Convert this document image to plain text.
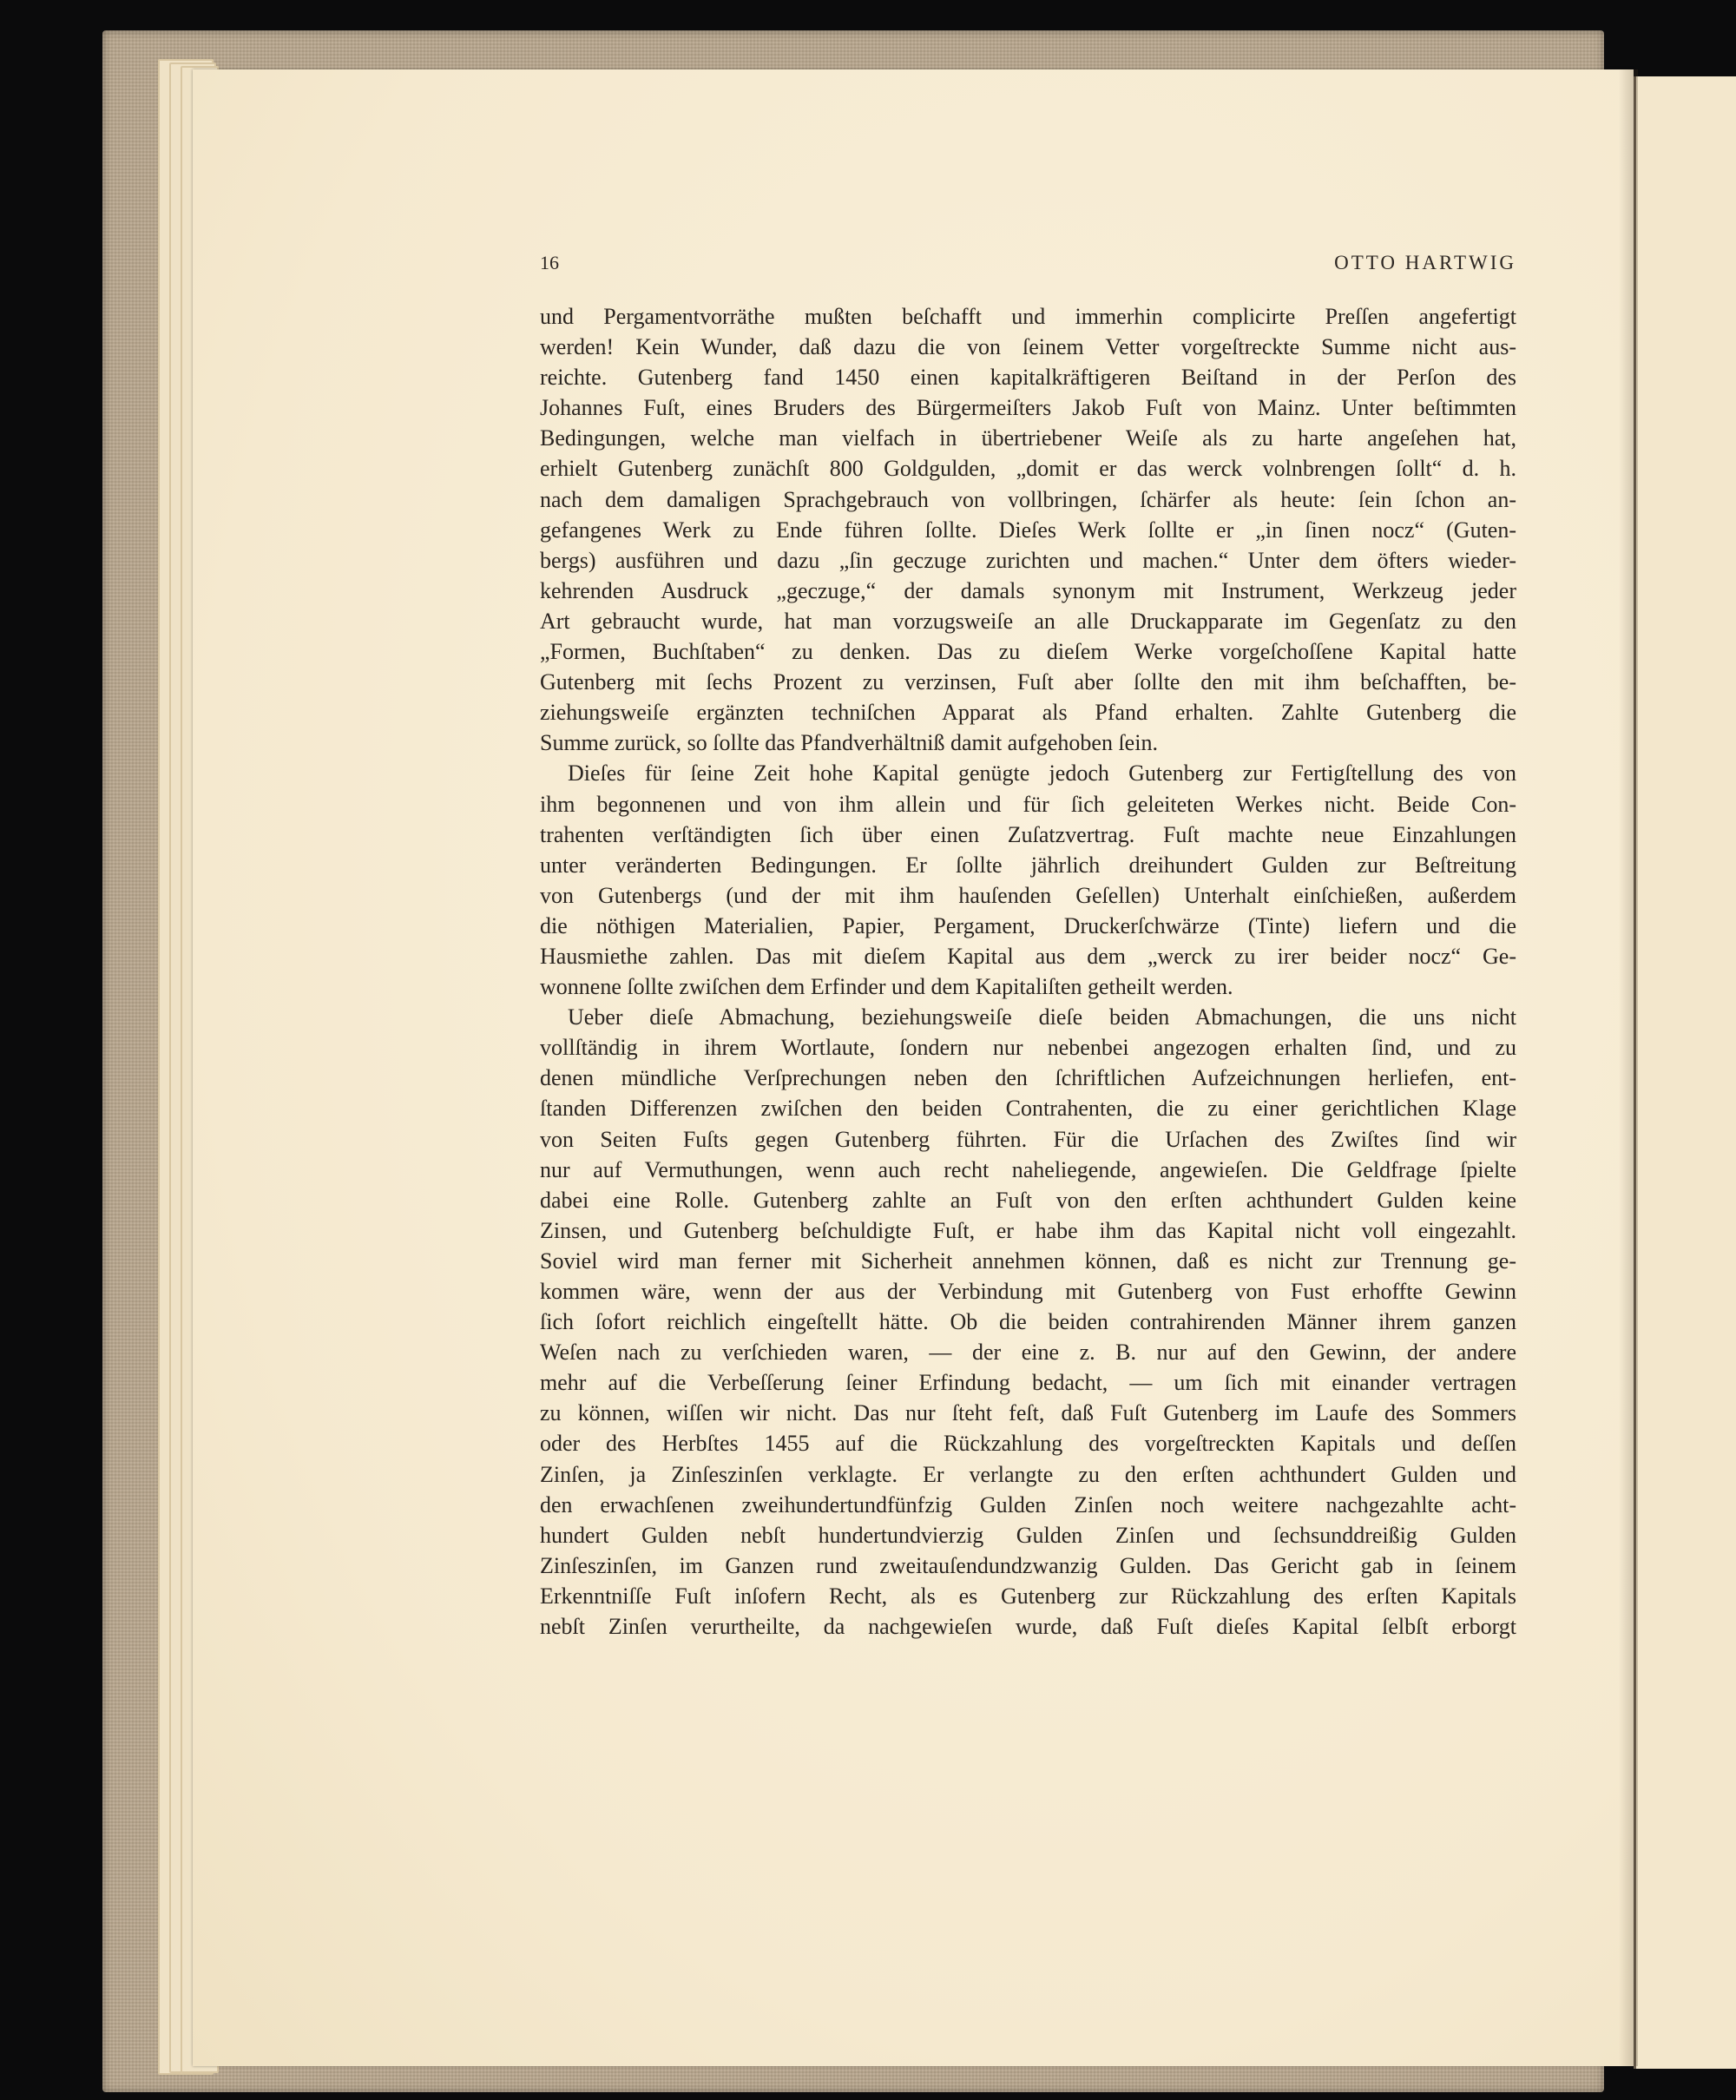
16	OTTO HARTWIG
und Pergamentvorräthe mußten beſchafft und immerhin complicirte Preſſen angefertigt
werden! Kein Wunder, daß dazu die von ſeinem Vetter vorgeſtreckte Summe nicht aus-
reichte. Gutenberg fand 1450 einen kapitalkräftigeren Beiſtand in der Perſon des
Johannes Fuſt, eines Bruders des Bürgermeiſters Jakob Fuſt von Mainz. Unter beſtimmten
Bedingungen, welche man vielfach in übertriebener Weiſe als zu harte angeſehen hat,
erhielt Gutenberg zunächſt 800 Goldgulden, „domit er das werck volnbrengen ſollt“ d. h.
nach dem damaligen Sprachgebrauch von vollbringen, ſchärfer als heute: ſein ſchon an-
gefangenes Werk zu Ende führen ſollte. Dieſes Werk ſollte er „in ſinen nocz“ (Guten-
bergs) ausführen und dazu „ſin geczuge zurichten und machen.“ Unter dem öfters wieder-
kehrenden Ausdruck „geczuge,“ der damals synonym mit Instrument, Werkzeug jeder
Art gebraucht wurde, hat man vorzugsweiſe an alle Druckapparate im Gegenſatz zu den
„Formen, Buchſtaben“ zu denken. Das zu dieſem Werke vorgeſchoſſene Kapital hatte
Gutenberg mit ſechs Prozent zu verzinsen, Fuſt aber ſollte den mit ihm beſchafften, be-
ziehungsweiſe ergänzten techniſchen Apparat als Pfand erhalten. Zahlte Gutenberg die
Summe zurück, so ſollte das Pfandverhältniß damit aufgehoben ſein.
Dieſes für ſeine Zeit hohe Kapital genügte jedoch Gutenberg zur Fertigſtellung des von
ihm begonnenen und von ihm allein und für ſich geleiteten Werkes nicht. Beide Con-
trahenten verſtändigten ſich über einen Zuſatzvertrag. Fuſt machte neue Einzahlungen
unter veränderten Bedingungen. Er ſollte jährlich dreihundert Gulden zur Beſtreitung
von Gutenbergs (und der mit ihm hauſenden Geſellen) Unterhalt einſchießen, außerdem
die nöthigen Materialien, Papier, Pergament, Druckerſchwärze (Tinte) liefern und die
Hausmiethe zahlen. Das mit dieſem Kapital aus dem „werck zu irer beider nocz“ Ge-
wonnene ſollte zwiſchen dem Erfinder und dem Kapitaliſten getheilt werden.
Ueber dieſe Abmachung, beziehungsweiſe dieſe beiden Abmachungen, die uns nicht
vollſtändig in ihrem Wortlaute, ſondern nur nebenbei angezogen erhalten ſind, und zu
denen mündliche Verſprechungen neben den ſchriftlichen Aufzeichnungen herliefen, ent-
ſtanden Differenzen zwiſchen den beiden Contrahenten, die zu einer gerichtlichen Klage
von Seiten Fuſts gegen Gutenberg führten. Für die Urſachen des Zwiſtes ſind wir
nur auf Vermuthungen, wenn auch recht naheliegende, angewieſen. Die Geldfrage ſpielte
dabei eine Rolle. Gutenberg zahlte an Fuſt von den erſten achthundert Gulden keine
Zinsen, und Gutenberg beſchuldigte Fuſt, er habe ihm das Kapital nicht voll eingezahlt.
Soviel wird man ferner mit Sicherheit annehmen können, daß es nicht zur Trennung ge-
kommen wäre, wenn der aus der Verbindung mit Gutenberg von Fust erhoffte Gewinn
ſich ſofort reichlich eingeſtellt hätte. Ob die beiden contrahirenden Männer ihrem ganzen
Weſen nach zu verſchieden waren, — der eine z. B. nur auf den Gewinn, der andere
mehr auf die Verbeſſerung ſeiner Erfindung bedacht, — um ſich mit einander vertragen
zu können, wiſſen wir nicht. Das nur ſteht feſt, daß Fuſt Gutenberg im Laufe des Sommers
oder des Herbſtes 1455 auf die Rückzahlung des vorgeſtreckten Kapitals und deſſen
Zinſen, ja Zinſeszinſen verklagte. Er verlangte zu den erſten achthundert Gulden und
den erwachſenen zweihundertundfünfzig Gulden Zinſen noch weitere nachgezahlte acht-
hundert Gulden nebſt hundertundvierzig Gulden Zinſen und ſechsunddreißig Gulden
Zinſeszinſen, im Ganzen rund zweitauſendundzwanzig Gulden. Das Gericht gab in ſeinem
Erkenntniſſe Fuſt inſofern Recht, als es Gutenberg zur Rückzahlung des erſten Kapitals
nebſt Zinſen verurtheilte, da nachgewieſen wurde, daß Fuſt dieſes Kapital ſelbſt erborgt
